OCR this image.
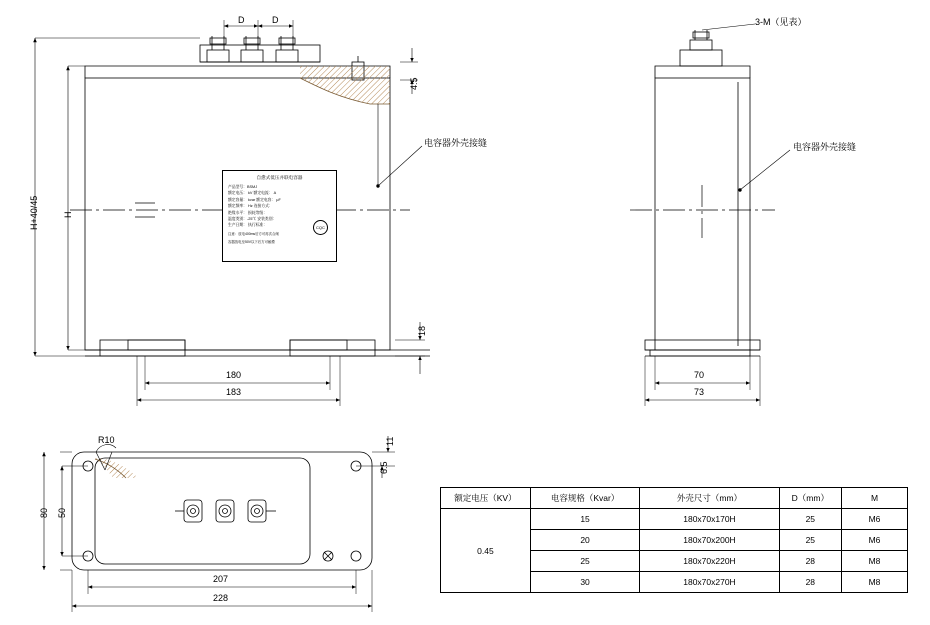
D	D
H+40/45	H
4.5
18
180
183
电容器外壳接缝	电容器外壳接缝
3-M（见表）
70
73
R10	11
6.5
80 50
207
228
自愈式低压并联电容器
产品型号：BSMJ
额定电压： kV 额定电流： A
额定容量： kvar 额定电容： μF
额定频率： Hz 连接方式：
绝缘水平： 损耗等级：
温度类别：-25℃ 安装类别：
生产日期： 执行标准：
注意：放电400ms后方可再次合闸
容器放电至50V以下后方可触摸
CQC
额定电压（KV）	电容规格（Kvar）	外壳尺寸（mm）	D（mm）	M
0.45	15	180x70x170H	25	M6
	20	180x70x200H	25	M6
	25	180x70x220H	28	M8
	30	180x70x270H	28	M8
